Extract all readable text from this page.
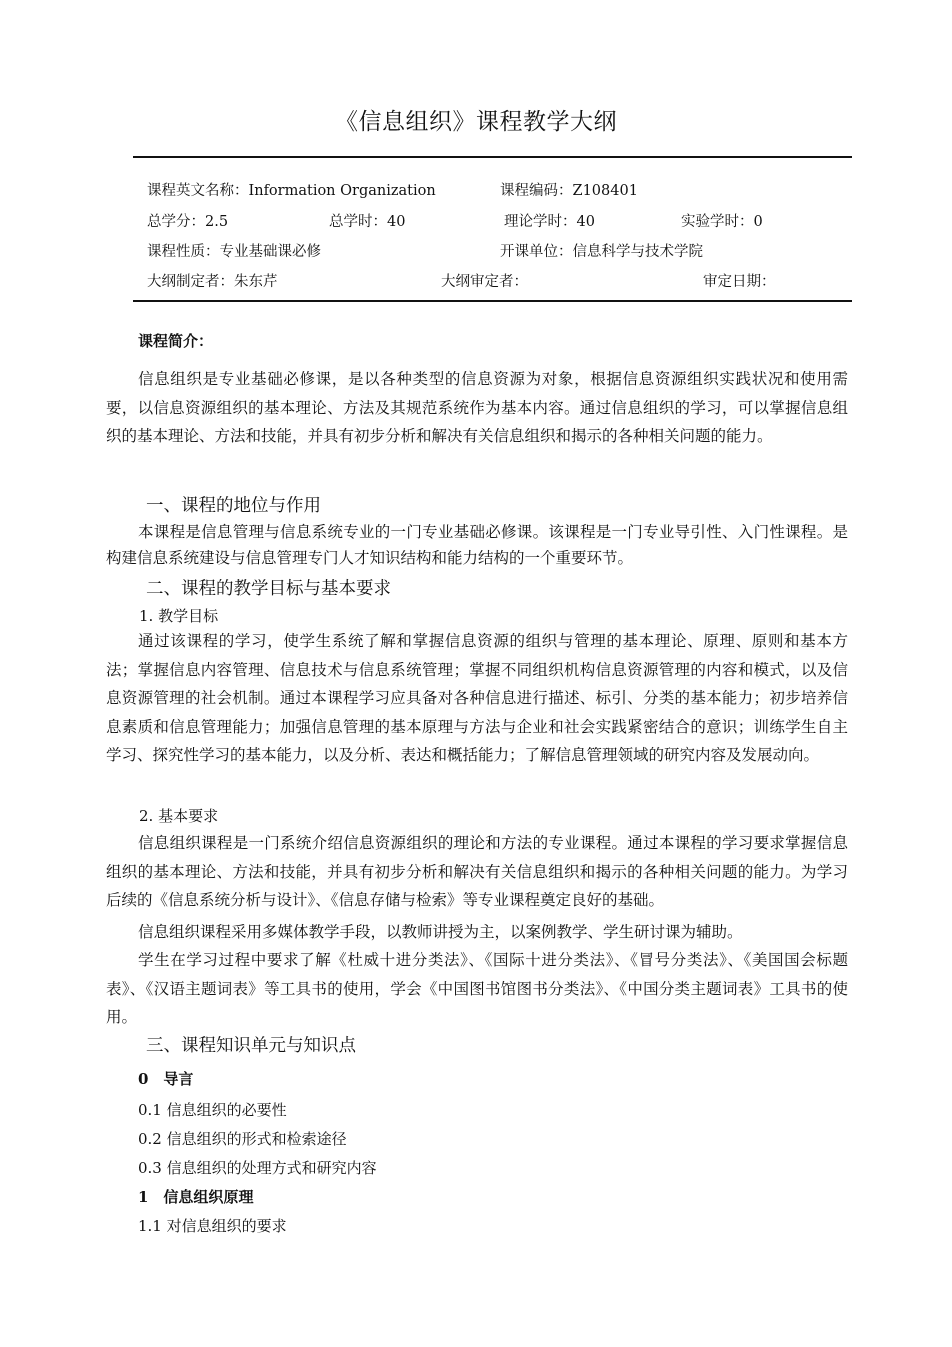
《信息组织》课程教学大纲
课程英文名称：Information Organization	课程编码：Z108401
总学分：2.5	总学时：40	理论学时：40	实验学时：0
课程性质：专业基础课必修	开课单位：信息科学与技术学院
大纲制定者：朱东芹	大纲审定者：	审定日期：
课程简介：
信息组织是专业基础必修课，是以各种类型的信息资源为对象，根据信息资源组织实践状况和使用需要，以信息资源组织的基本理论、方法及其规范系统作为基本内容。通过信息组织的学习，可以掌握信息组织的基本理论、方法和技能，并具有初步分析和解决有关信息组织和揭示的各种相关问题的能力。
一、课程的地位与作用
本课程是信息管理与信息系统专业的一门专业基础必修课。该课程是一门专业导引性、入门性课程。是构建信息系统建设与信息管理专门人才知识结构和能力结构的一个重要环节。
二、课程的教学目标与基本要求
1. 教学目标
通过该课程的学习，使学生系统了解和掌握信息资源的组织与管理的基本理论、原理、原则和基本方法；掌握信息内容管理、信息技术与信息系统管理；掌握不同组织机构信息资源管理的内容和模式，以及信息资源管理的社会机制。通过本课程学习应具备对各种信息进行描述、标引、分类的基本能力；初步培养信息素质和信息管理能力；加强信息管理的基本原理与方法与企业和社会实践紧密结合的意识；训练学生自主学习、探究性学习的基本能力，以及分析、表达和概括能力；了解信息管理领域的研究内容及发展动向。
2. 基本要求
信息组织课程是一门系统介绍信息资源组织的理论和方法的专业课程。通过本课程的学习要求掌握信息组织的基本理论、方法和技能，并具有初步分析和解决有关信息组织和揭示的各种相关问题的能力。为学习后续的《信息系统分析与设计》、《信息存储与检索》等专业课程奠定良好的基础。
信息组织课程采用多媒体教学手段，以教师讲授为主，以案例教学、学生研讨课为辅助。
学生在学习过程中要求了解《杜威十进分类法》、《国际十进分类法》、《冒号分类法》、《美国国会标题表》、《汉语主题词表》等工具书的使用，学会《中国图书馆图书分类法》、《中国分类主题词表》工具书的使用。
三、课程知识单元与知识点
0　导言
0.1 信息组织的必要性
0.2 信息组织的形式和检索途径
0.3 信息组织的处理方式和研究内容
1　信息组织原理
1.1 对信息组织的要求
